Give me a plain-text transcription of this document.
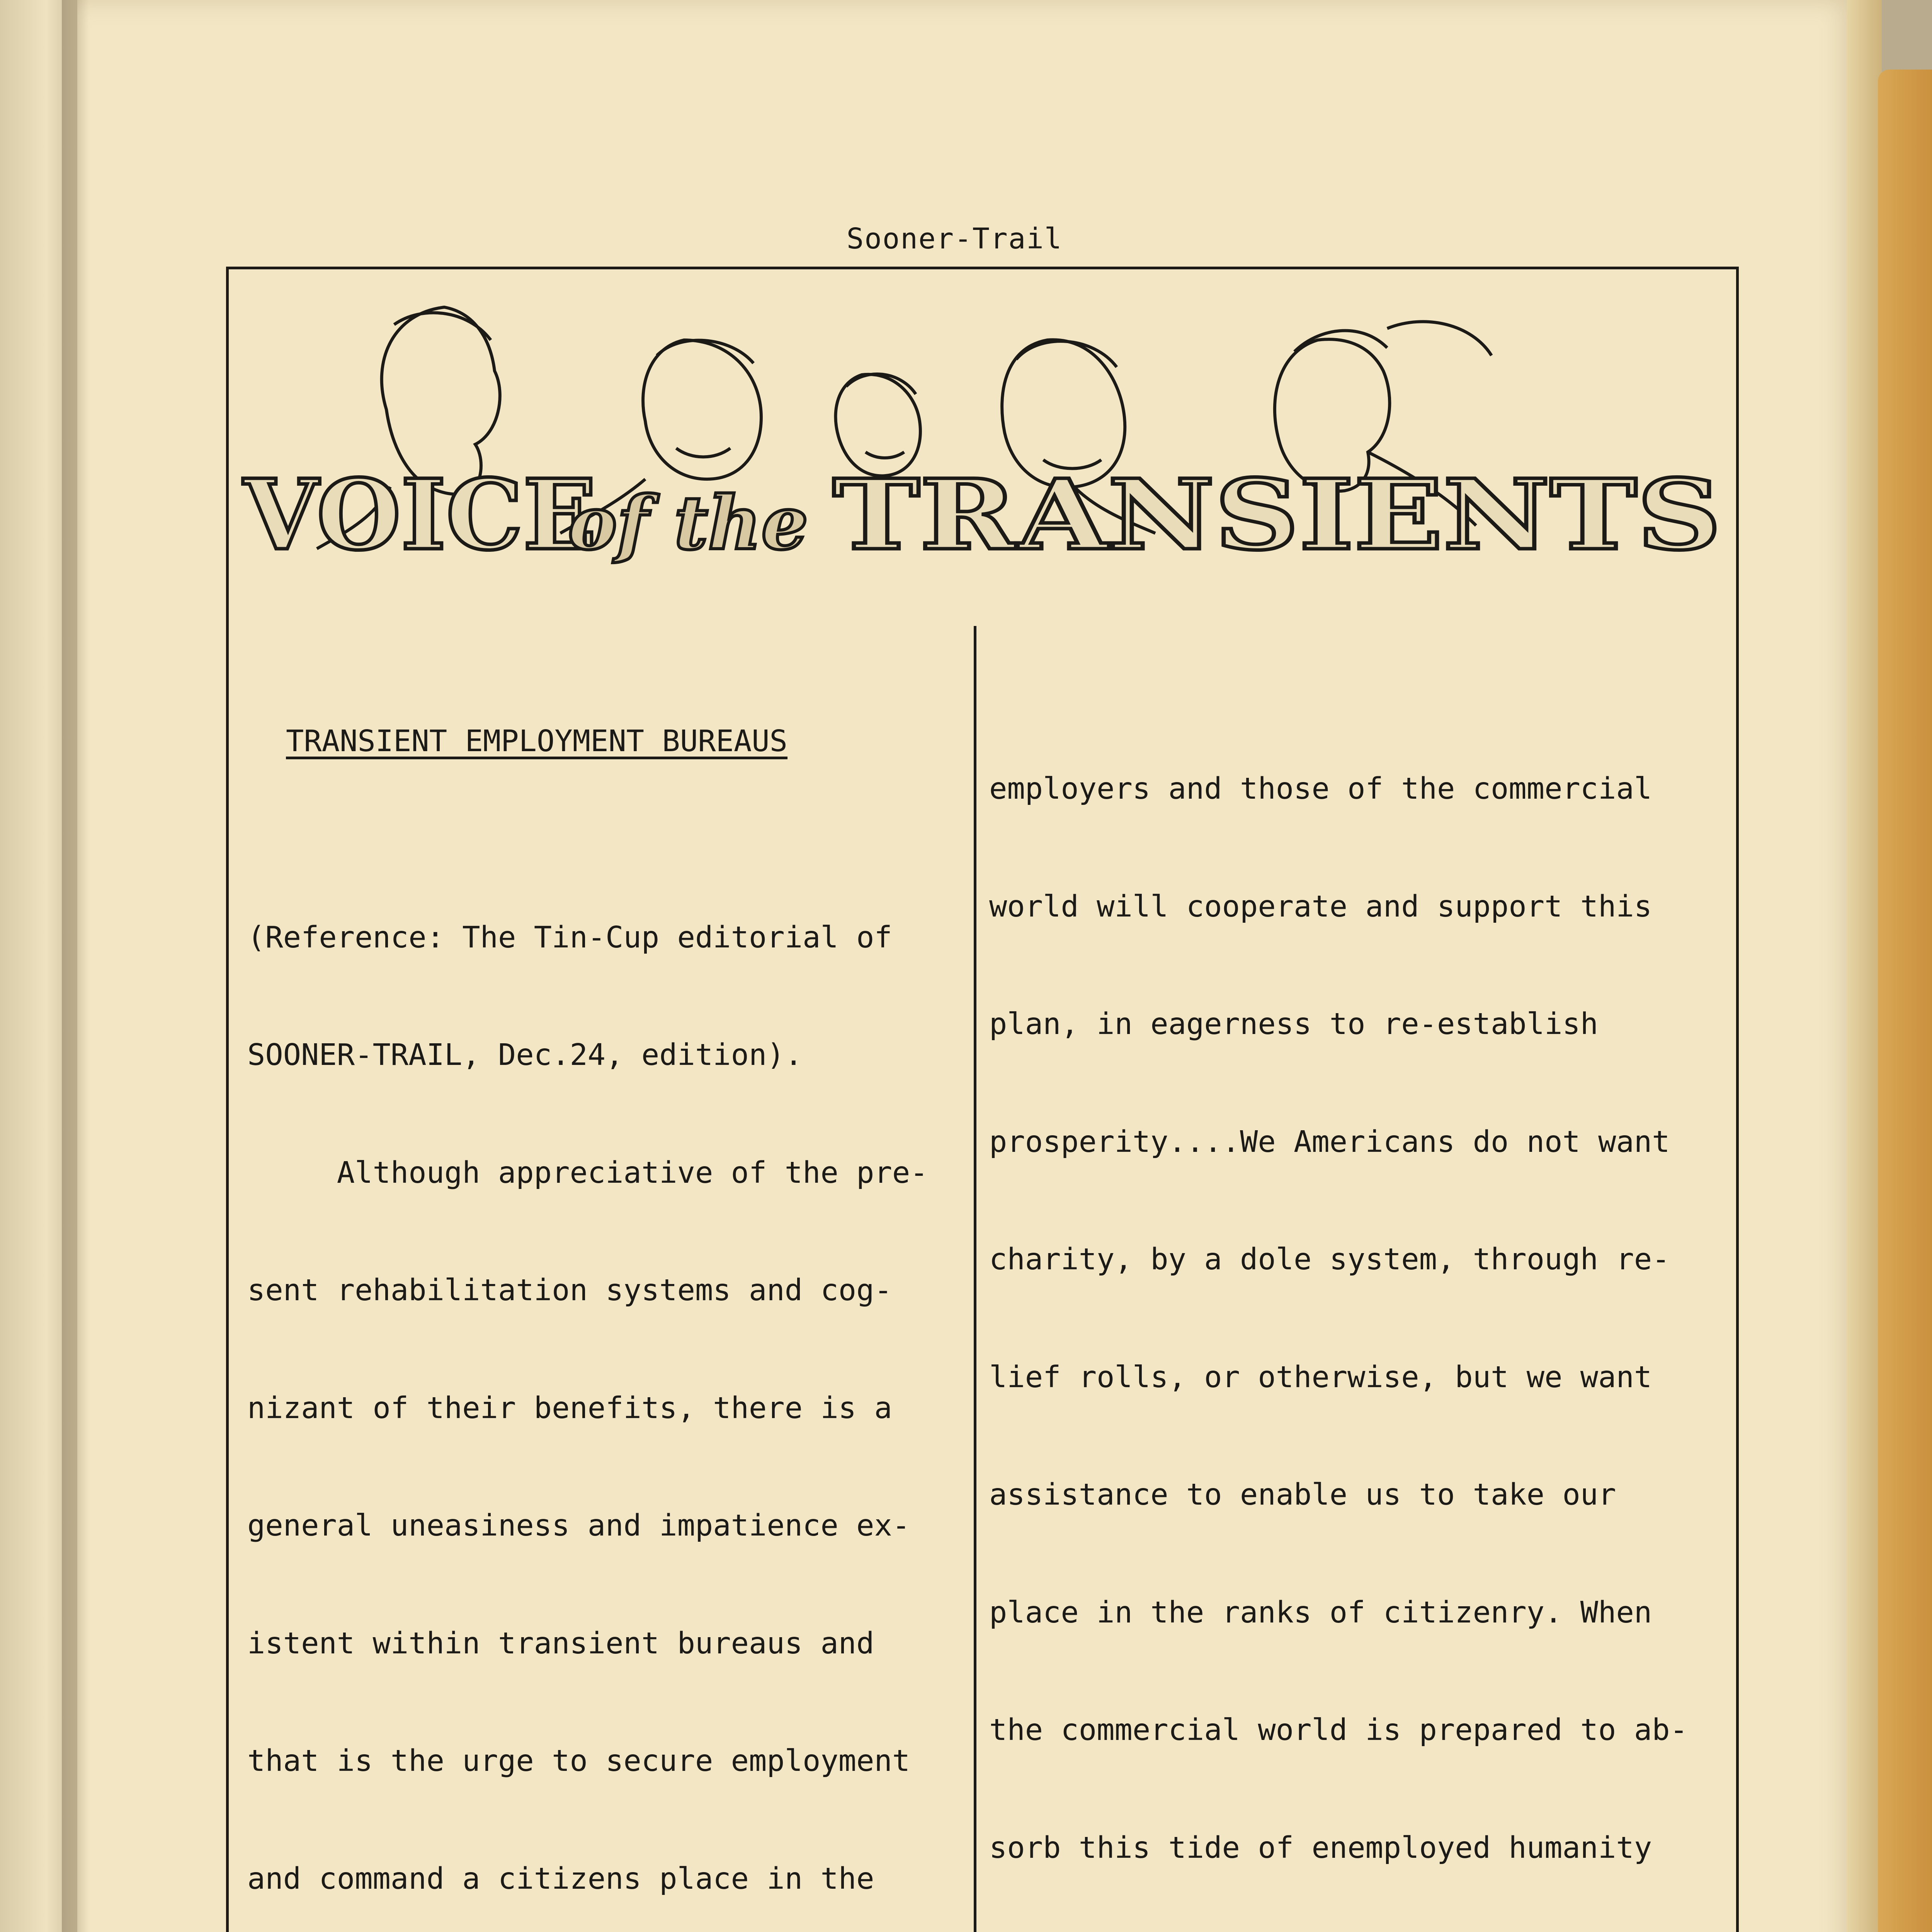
Sooner-Trail
VOICE
of the TRANSIENTS

TRANSIENT EMPLOYMENT BUREAUS

(Reference: The Tin-Cup editorial of

SOONER-TRAIL, Dec.24, edition).

Although appreciative of the pre-

sent rehabilitation systems and cog-

nizant of their benefits, there is a

general uneasiness and impatience ex-

istent within transient bureaus and

that is the urge to secure employment

and command a citizens place in the

employers and those of the commercial

world will cooperate and support this

plan, in eagerness to re-establish

prosperity....We Americans do not want

charity, by a dole system, through re-

lief rolls, or otherwise, but we want

assistance to enable us to take our

place in the ranks of citizenry. When

the commercial world is prepared to ab-

sorb this tide of enemployed humanity
